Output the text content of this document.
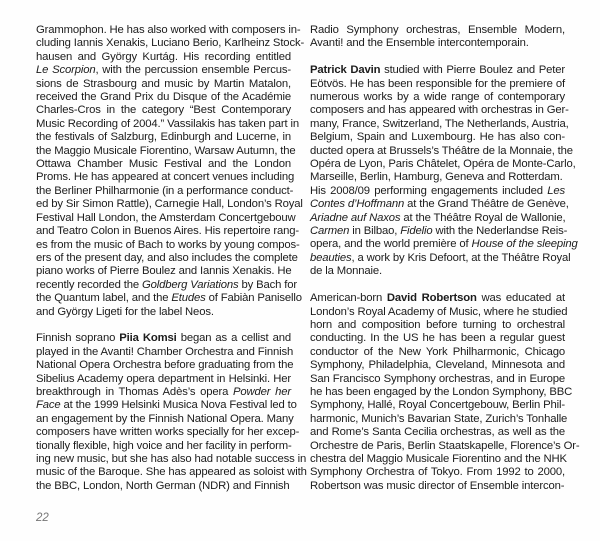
Grammophon. He has also worked with composers in-
cluding Iannis Xenakis, Luciano Berio, Karlheinz Stock-
hausen and György Kurtág. His recording entitled
Le Scorpion, with the percussion ensemble Percus-
sions de Strasbourg and music by Martin Matalon,
received the Grand Prix du Disque of the Académie
Charles-Cros in the category “Best Contemporary
Music Recording of 2004.” Vassilakis has taken part in
the festivals of Salzburg, Edinburgh and Lucerne, in
the Maggio Musicale Fiorentino, Warsaw Autumn, the
Ottawa Chamber Music Festival and the London
Proms. He has appeared at concert venues including
the Berliner Philharmonie (in a performance conduct-
ed by Sir Simon Rattle), Carnegie Hall, London’s Royal
Festival Hall London, the Amsterdam Concertgebouw
and Teatro Colon in Buenos Aires. His repertoire rang-
es from the music of Bach to works by young compos-
ers of the present day, and also includes the complete
piano works of Pierre Boulez and Iannis Xenakis. He
recently recorded the Goldberg Variations by Bach for
the Quantum label, and the Etudes of Fabiàn Panisello
and György Ligeti for the label Neos.
Finnish soprano Piia Komsi began as a cellist and
played in the Avanti! Chamber Orchestra and Finnish
National Opera Orchestra before graduating from the
Sibelius Academy opera department in Helsinki. Her
breakthrough in Thomas Adès’s opera Powder her
Face at the 1999 Helsinki Musica Nova Festival led to
an engagement by the Finnish National Opera. Many
composers have written works specially for her excep-
tionally flexible, high voice and her facility in perform-
ing new music, but she has also had notable success in
music of the Baroque. She has appeared as soloist with
the BBC, London, North German (NDR) and Finnish
Radio Symphony orchestras, Ensemble Modern,
Avanti! and the Ensemble intercontemporain.
Patrick Davin studied with Pierre Boulez and Peter
Eötvös. He has been responsible for the premiere of
numerous works by a wide range of contemporary
composers and has appeared with orchestras in Ger-
many, France, Switzerland, The Netherlands, Austria,
Belgium, Spain and Luxembourg. He has also con-
ducted opera at Brussels’s Théâtre de la Monnaie, the
Opéra de Lyon, Paris Châtelet, Opéra de Monte-Carlo,
Marseille, Berlin, Hamburg, Geneva and Rotterdam.
His 2008/09 performing engagements included Les
Contes d’Hoffmann at the Grand Théâtre de Genève,
Ariadne auf Naxos at the Théâtre Royal de Wallonie,
Carmen in Bilbao, Fidelio with the Nederlandse Reis-
opera, and the world première of House of the sleeping
beauties, a work by Kris Defoort, at the Théâtre Royal
de la Monnaie.
American-born David Robertson was educated at
London’s Royal Academy of Music, where he studied
horn and composition before turning to orchestral
conducting. In the US he has been a regular guest
conductor of the New York Philharmonic, Chicago
Symphony, Philadelphia, Cleveland, Minnesota and
San Francisco Symphony orchestras, and in Europe
he has been engaged by the London Symphony, BBC
Symphony, Hallé, Royal Concertgebouw, Berlin Phil-
harmonic, Munich’s Bavarian State, Zurich’s Tonhalle
and Rome’s Santa Cecilia orchestras, as well as the
Orchestre de Paris, Berlin Staatskapelle, Florence’s Or-
chestra del Maggio Musicale Fiorentino and the NHK
Symphony Orchestra of Tokyo. From 1992 to 2000,
Robertson was music director of Ensemble intercon-
22
